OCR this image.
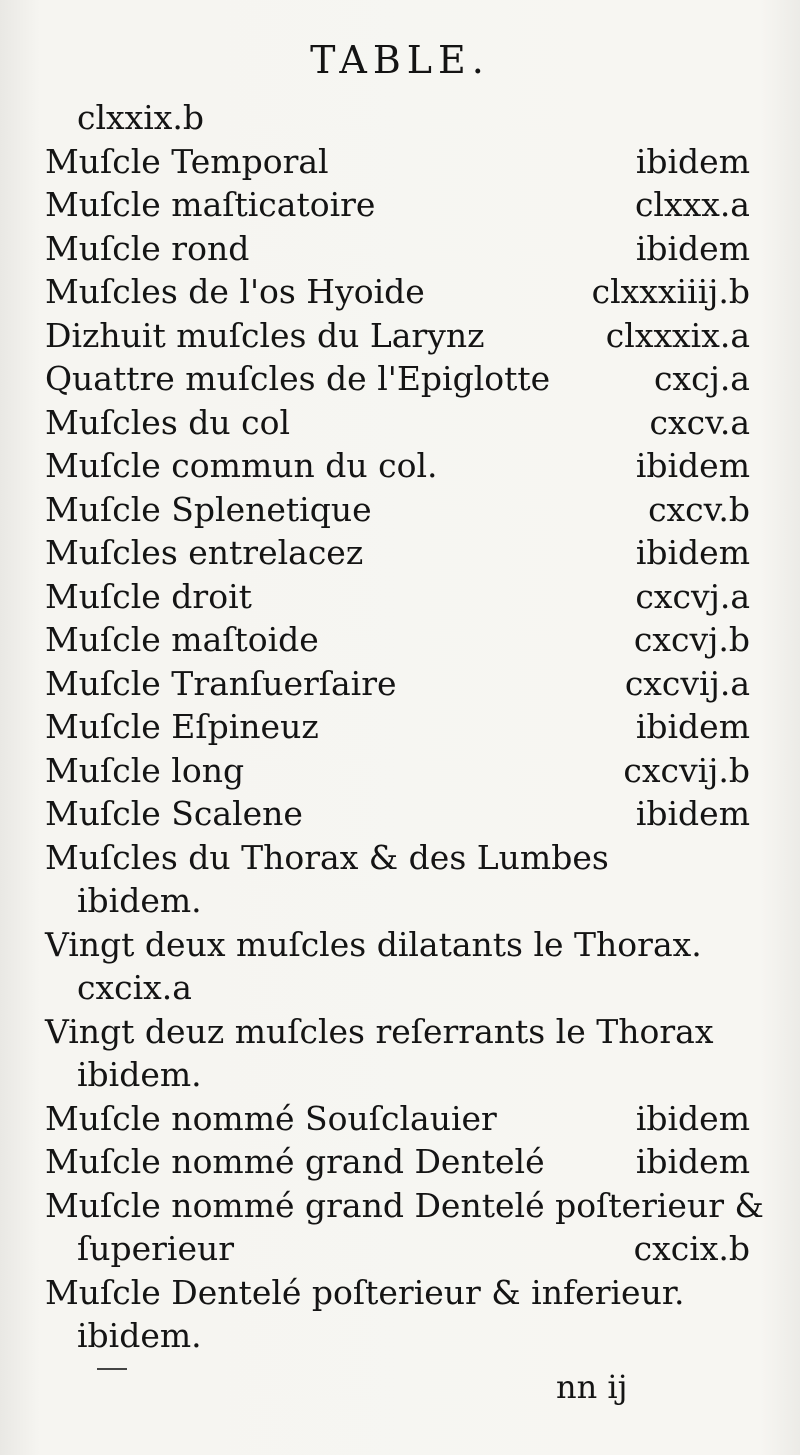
TABLE.
clxxix.b
Muſcle Temporal	ibidem
Muſcle maſticatoire	clxxx.a
Muſcle rond	ibidem
Muſcles de l'os Hyoide	clxxxiiij.b
Dizhuit muſcles du Larynz	clxxxix.a
Quattre muſcles de l'Epiglotte	cxcj.a
Muſcles du col	cxcv.a
Muſcle commun du col.	ibidem
Muſcle Splenetique	cxcv.b
Muſcles entrelacez	ibidem
Muſcle droit	cxcvj.a
Muſcle maſtoide	cxcvj.b
Muſcle Tranſuerſaire	cxcvij.a
Muſcle Eſpineuz	ibidem
Muſcle long	cxcvij.b
Muſcle Scalene	ibidem
Muſcles du Thorax & des Lumbes
ibidem.
Vingt deux muſcles dilatants le Thorax.
cxcix.a
Vingt deuz muſcles reſerrants le Thorax
ibidem.
Muſcle nommé Souſclauier	ibidem
Muſcle nommé grand Dentelé	ibidem
Muſcle nommé grand Dentelé poſterieur &
ſuperieur	cxcix.b
Muſcle Dentelé poſterieur & inferieur.
ibidem.
nn ij
